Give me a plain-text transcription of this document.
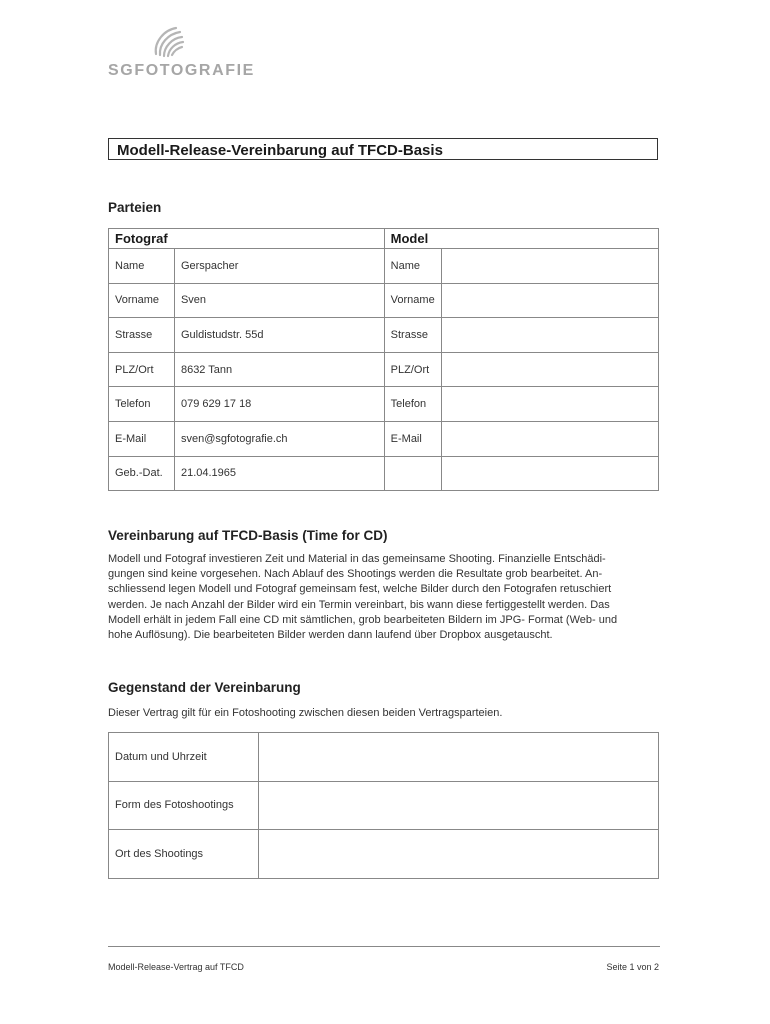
SGFOTOGRAFIE
Modell-Release-Vereinbarung auf TFCD-Basis
Parteien
Fotograf		Model	
Name	Gerspacher	Name	
Vorname	Sven	Vorname	
Strasse	Guldistudstr. 55d	Strasse	
PLZ/Ort	8632 Tann	PLZ/Ort	
Telefon	079 629 17 18	Telefon	
E-Mail	sven@sgfotografie.ch	E-Mail	
Geb.-Dat.	21.04.1965		
Vereinbarung auf TFCD-Basis (Time for CD)
Modell und Fotograf investieren Zeit und Material in das gemeinsame Shooting. Finanzielle Entschädi-
gungen sind keine vorgesehen. Nach Ablauf des Shootings werden die Resultate grob bearbeitet. An-
schliessend legen Modell und Fotograf gemeinsam fest, welche Bilder durch den Fotografen retuschiert
werden. Je nach Anzahl der Bilder wird ein Termin vereinbart, bis wann diese fertiggestellt werden. Das
Modell erhält in jedem Fall eine CD mit sämtlichen, grob bearbeiteten Bildern im JPG- Format (Web- und
hohe Auflösung). Die bearbeiteten Bilder werden dann laufend über Dropbox ausgetauscht.
Gegenstand der Vereinbarung
Dieser Vertrag gilt für ein Fotoshooting zwischen diesen beiden Vertragsparteien.
Datum und Uhrzeit	
Form des Fotoshootings	
Ort des Shootings	
Modell-Release-Vertrag auf TFCD	Seite 1 von 2
